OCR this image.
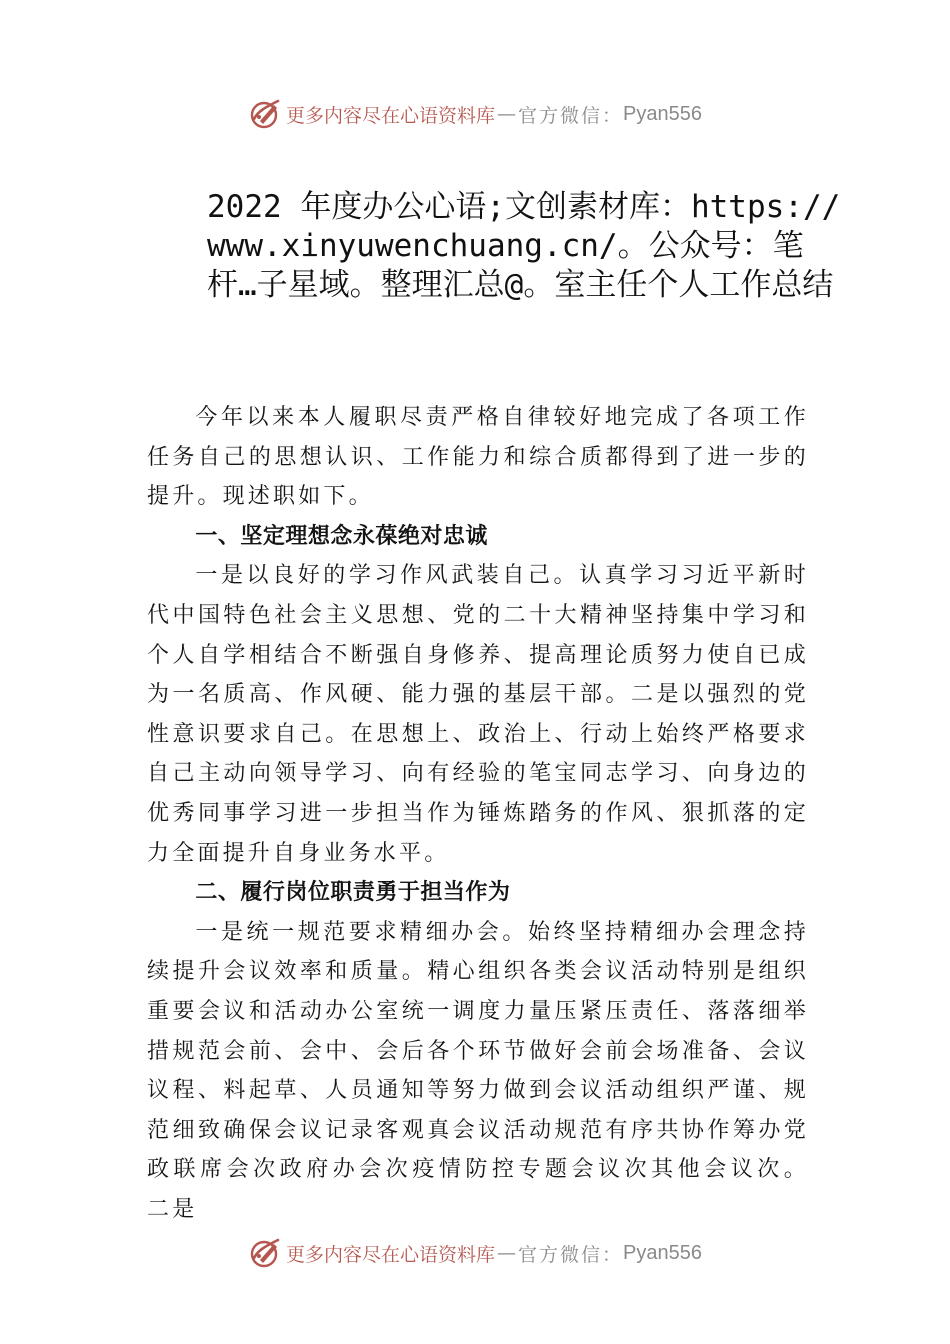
更多内容尽在心语资料库 — 官方微信： Pyan556
2022 年度办公心语;文创素材库：https://www.xinyuwenchuang.cn/。公众号：笔杆…子星域。整理汇总@。室主任个人工作总结

今年以来本人履职尽责严格自律较好地完成了各项工作任务自己的思想认识、工作能力和综合质都得到了进一步的提升。现述职如下。

一、坚定理想念永葆绝对忠诚

一是以良好的学习作风武装自己。认真学习习近平新时代中国特色社会主义思想、党的二十大精神坚持集中学习和个人自学相结合不断强自身修养、提高理论质努力使自已成为一名质高、作风硬、能力强的基层干部。二是以强烈的党性意识要求自己。在思想上、政治上、行动上始终严格要求自己主动向领导学习、向有经验的笔宝同志学习、向身边的优秀同事学习进一步担当作为锤炼踏务的作风、狠抓落的定力全面提升自身业务水平。

二、履行岗位职责勇于担当作为

一是统一规范要求精细办会。始终坚持精细办会理念持续提升会议效率和质量。精心组织各类会议活动特别是组织重要会议和活动办公室统一调度力量压紧压责任、落落细举措规范会前、会中、会后各个环节做好会前会场准备、会议议程、料起草、人员通知等努力做到会议活动组织严谨、规范细致确保会议记录客观真会议活动规范有序共协作筹办党政联席会次政府办会次疫情防控专题会议次其他会议次。 二是

更多内容尽在心语资料库 — 官方微信： Pyan556
